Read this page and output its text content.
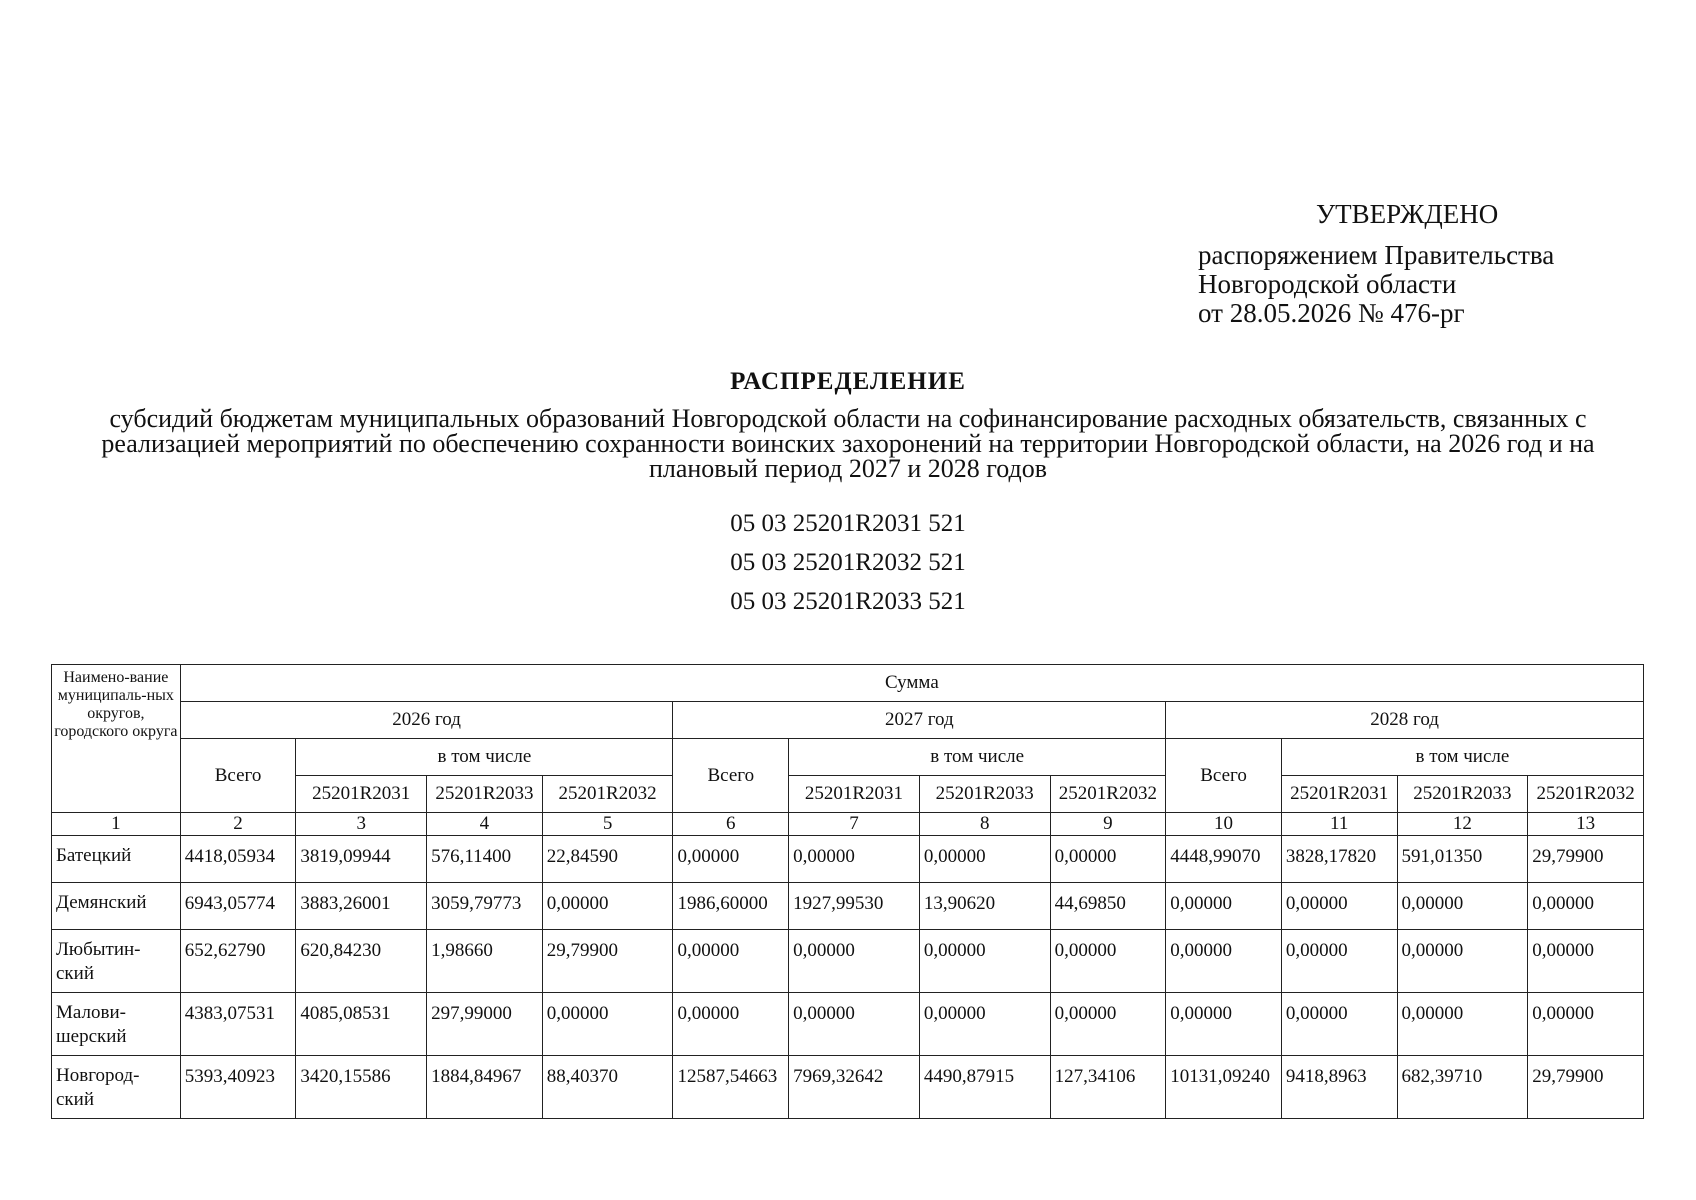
УТВЕРЖДЕНО
распоряжением Правительства
Новгородской области
от 28.05.2026 № 476-рг
РАСПРЕДЕЛЕНИЕ
субсидий бюджетам муниципальных образований Новгородской области на софинансирование расходных обязательств, связанных с реализацией мероприятий по обеспечению сохранности воинских захоронений на территории Новгородской области, на 2026 год и на плановый период 2027 и 2028 годов
05 03 25201R2031 521
05 03 25201R2032 521
05 03 25201R2033 521
Наимено-вание муниципаль-ных округов, городского округа	Сумма											
	2026 год				2027 год				2028 год			
	Всего	в том числе			Всего	в том числе			Всего	в том числе		
		25201R2031	25201R2033	25201R2032		25201R2031	25201R2033	25201R2032		25201R2031	25201R2033	25201R2032
1	2	3	4	5	6	7	8	9	10	11	12	13
Батецкий	4418,05934	3819,09944	576,11400	22,84590	0,00000	0,00000	0,00000	0,00000	4448,99070	3828,17820	591,01350	29,79900
Демянский	6943,05774	3883,26001	3059,79773	0,00000	1986,60000	1927,99530	13,90620	44,69850	0,00000	0,00000	0,00000	0,00000
Любытин-ский	652,62790	620,84230	1,98660	29,79900	0,00000	0,00000	0,00000	0,00000	0,00000	0,00000	0,00000	0,00000
Малови-шерский	4383,07531	4085,08531	297,99000	0,00000	0,00000	0,00000	0,00000	0,00000	0,00000	0,00000	0,00000	0,00000
Новгород-ский	5393,40923	3420,15586	1884,84967	88,40370	12587,54663	7969,32642	4490,87915	127,34106	10131,09240	9418,8963	682,39710	29,79900
